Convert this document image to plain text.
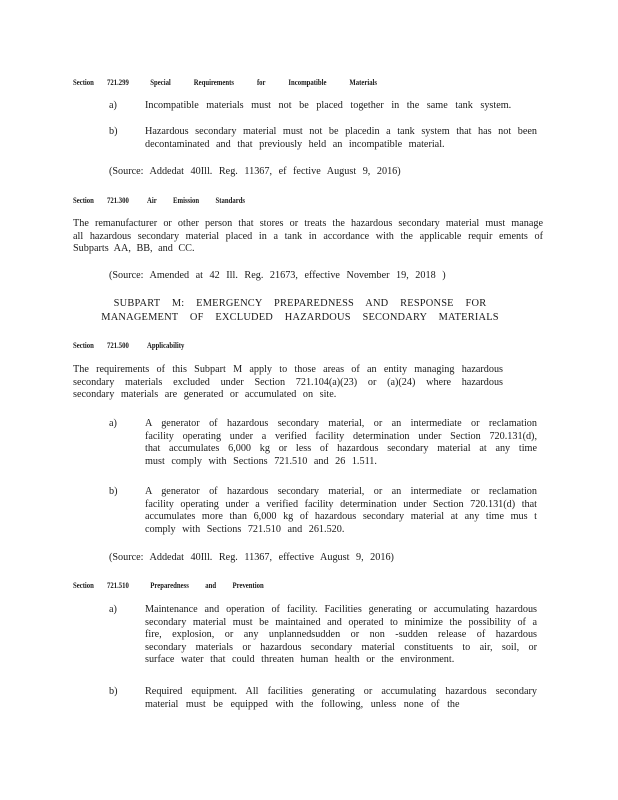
Section 721.299	Special Requirements for Incompatible Materials
a)	Incompatible materials must not be placed together in the same tank system.
b)	Hazardous secondary material must not be placedin a tank system that has not been decontaminated and that previously held an incompatible material.
(Source: Addedat 40Ill. Reg. 11367, ef fective August 9, 2016)
Section 721.300 Air Emission Standards
The remanufacturer or other person that stores or treats the hazardous secondary material must manage all hazardous secondary material placed in a tank in accordance with the applicable requir ements of Subparts AA, BB, and CC.
(Source: Amended at 42 Ill. Reg. 21673, effective November 19, 2018 )
SUBPART M: EMERGENCY PREPAREDNESS AND RESPONSE FOR
MANAGEMENT OF EXCLUDED HAZARDOUS SECONDARY MATERIALS
Section 721.500 Applicability
The requirements of this Subpart M apply to those areas of an entity managing hazardous secondary materials excluded under Section 721.104(a)(23) or (a)(24) where hazardous secondary materials are generated or accumulated on site.
a)	A generator of hazardous secondary material, or an intermediate or reclamation facility operating under a verified facility determination under Section 720.131(d), that accumulates 6,000 kg or less of hazardous secondary material at any time must comply with Sections 721.510 and 26 1.511.
b)	A generator of hazardous secondary material, or an intermediate or reclamation facility operating under a verified facility determination under Section 720.131(d) that accumulates more than 6,000 kg of hazardous secondary material at any time mus t comply with Sections 721.510 and 261.520.
(Source: Addedat 40Ill. Reg. 11367, effective August 9, 2016)
Section 721.510	Preparedness and Prevention
a)	Maintenance and operation of facility. Facilities generating or accumulating hazardous secondary material must be maintained and operated to minimize the possibility of a fire, explosion, or any unplannedsudden or non -sudden release of hazardous secondary materials or hazardous secondary material constituents to air, soil, or surface water that could threaten human health or the environment.
b)	Required equipment. All facilities generating or accumulating hazardous secondary material must be equipped with the following, unless none of the
